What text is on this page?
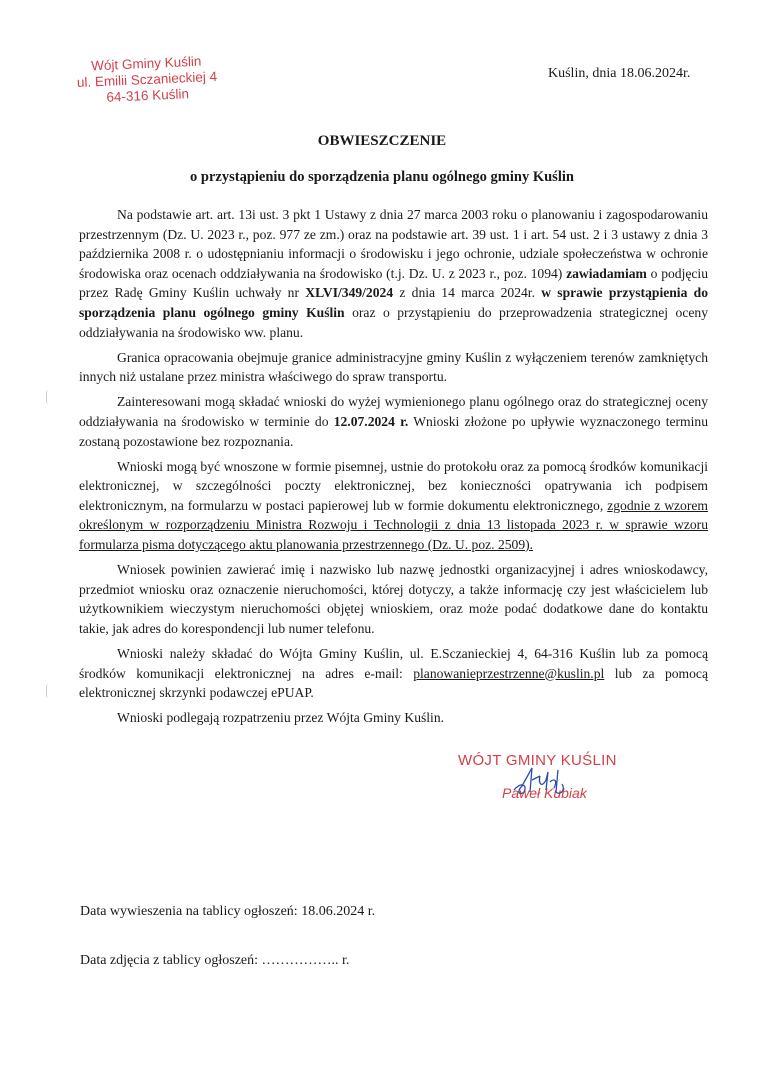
Wójt Gminy Kuślin
ul. Emilii Sczanieckiej 4
64-316 Kuślin
Kuślin, dnia 18.06.2024r.
OBWIESZCZENIE
o przystąpieniu do sporządzenia planu ogólnego gminy Kuślin

Na podstawie art. art. 13i ust. 3 pkt 1 Ustawy z dnia 27 marca 2003 roku o planowaniu i zagospodarowaniu przestrzennym (Dz. U. 2023 r., poz. 977 ze zm.) oraz na podstawie art. 39 ust. 1 i art. 54 ust. 2 i 3 ustawy z dnia 3 października 2008 r. o udostępnianiu informacji o środowisku i jego ochronie, udziale społeczeństwa w ochronie środowiska oraz ocenach oddziaływania na środowisko (t.j. Dz. U. z 2023 r., poz. 1094) zawiadamiam o podjęciu przez Radę Gminy Kuślin uchwały nr XLVI/349/2024 z dnia 14 marca 2024r. w sprawie przystąpienia do sporządzenia planu ogólnego gminy Kuślin oraz o przystąpieniu do przeprowadzenia strategicznej oceny oddziaływania na środowisko ww. planu.

Granica opracowania obejmuje granice administracyjne gminy Kuślin z wyłączeniem terenów zamkniętych innych niż ustalane przez ministra właściwego do spraw transportu.

Zainteresowani mogą składać wnioski do wyżej wymienionego planu ogólnego oraz do strategicznej oceny oddziaływania na środowisko w terminie do 12.07.2024 r. Wnioski złożone po upływie wyznaczonego terminu zostaną pozostawione bez rozpoznania.

Wnioski mogą być wnoszone w formie pisemnej, ustnie do protokołu oraz za pomocą środków komunikacji elektronicznej, w szczególności poczty elektronicznej, bez konieczności opatrywania ich podpisem elektronicznym, na formularzu w postaci papierowej lub w formie dokumentu elektronicznego, zgodnie z wzorem określonym w rozporządzeniu Ministra Rozwoju i Technologii z dnia 13 listopada 2023 r. w sprawie wzoru formularza pisma dotyczącego aktu planowania przestrzennego (Dz. U. poz. 2509).

Wniosek powinien zawierać imię i nazwisko lub nazwę jednostki organizacyjnej i adres wnioskodawcy, przedmiot wniosku oraz oznaczenie nieruchomości, której dotyczy, a także informację czy jest właścicielem lub użytkownikiem wieczystym nieruchomości objętej wnioskiem, oraz może podać dodatkowe dane do kontaktu takie, jak adres do korespondencji lub numer telefonu.

Wnioski należy składać do Wójta Gminy Kuślin, ul. E.Sczanieckiej 4, 64-316 Kuślin lub za pomocą środków komunikacji elektronicznej na adres e-mail: planowanieprzestrzenne@kuslin.pl lub za pomocą elektronicznej skrzynki podawczej ePUAP.

Wnioski podlegają rozpatrzeniu przez Wójta Gminy Kuślin.

WÓJT GMINY KUŚLIN
Paweł Kubiak
Data wywieszenia na tablicy ogłoszeń: 18.06.2024 r.
Data zdjęcia z tablicy ogłoszeń: …………….. r.
